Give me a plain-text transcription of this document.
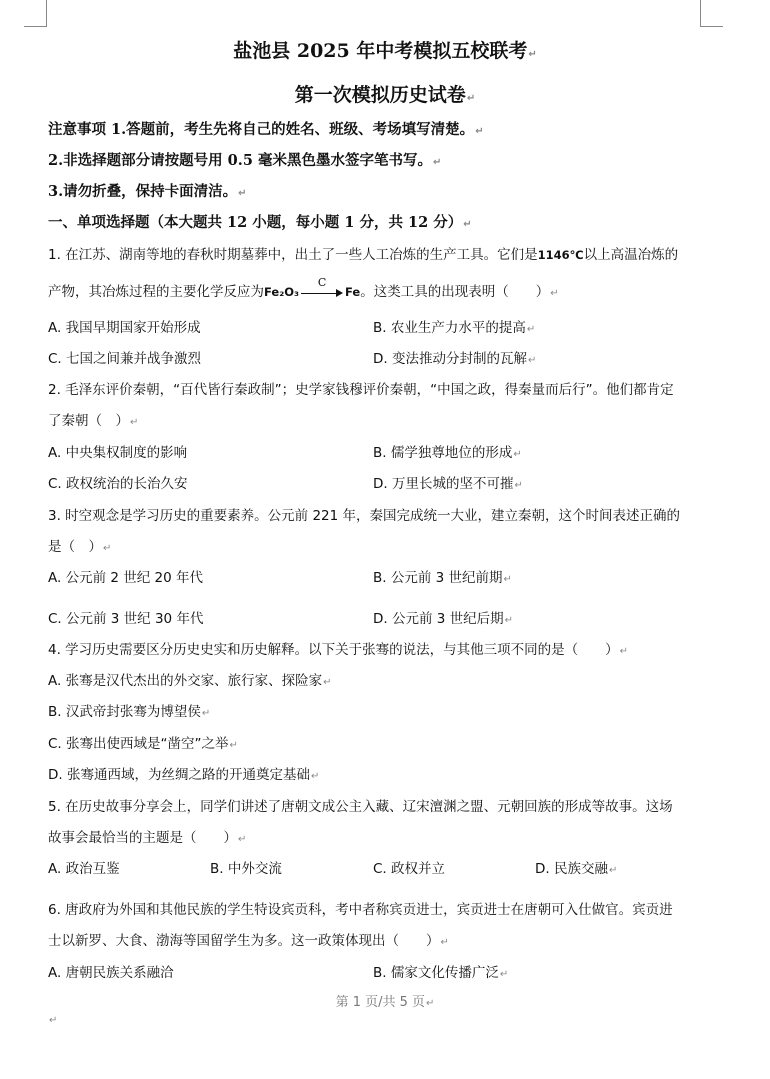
盐池县 2025 年中考模拟五校联考↵
第一次模拟历史试卷↵
注意事项 1.答题前，考生先将自己的姓名、班级、考场填写清楚。↵
2.非选择题部分请按题号用 0.5 毫米黑色墨水签字笔书写。↵
3.请勿折叠，保持卡面清洁。↵
一、单项选择题（本大题共 12 小题，每小题 1 分，共 12 分）↵
1. 在江苏、湖南等地的春秋时期墓葬中，出土了一些人工冶炼的生产工具。它们是1146℃以上高温冶炼的
产物，其冶炼过程的主要化学反应为Fe₂O₃
C
Fe。这类工具的出现表明（　　）↵
A. 我国早期国家开始形成	B. 农业生产力水平的提高↵
C. 七国之间兼并战争激烈	D. 变法推动分封制的瓦解↵
2. 毛泽东评价秦朝，“百代皆行秦政制”；史学家钱穆评价秦朝，“中国之政，得秦量而后行”。他们都肯定
了秦朝（　）↵
A. 中央集权制度的影响	B. 儒学独尊地位的形成↵
C. 政权统治的长治久安	D. 万里长城的坚不可摧↵
3. 时空观念是学习历史的重要素养。公元前 221 年，秦国完成统一大业，建立秦朝，这个时间表述正确的
是（　）↵
A. 公元前 2 世纪 20 年代	B. 公元前 3 世纪前期↵
C. 公元前 3 世纪 30 年代	D. 公元前 3 世纪后期↵
4. 学习历史需要区分历史史实和历史解释。以下关于张骞的说法，与其他三项不同的是（　　）↵
A. 张骞是汉代杰出的外交家、旅行家、探险家↵
B. 汉武帝封张骞为博望侯↵
C. 张骞出使西域是“凿空”之举↵
D. 张骞通西域，为丝绸之路的开通奠定基础↵
5. 在历史故事分享会上，同学们讲述了唐朝文成公主入藏、辽宋澶渊之盟、元朝回族的形成等故事。这场
故事会最恰当的主题是（　　）↵
A. 政治互鉴	B. 中外交流	C. 政权并立	D. 民族交融↵
6. 唐政府为外国和其他民族的学生特设宾贡科，考中者称宾贡进士，宾贡进士在唐朝可入仕做官。宾贡进
士以新罗、大食、渤海等国留学生为多。这一政策体现出（　　）↵
A. 唐朝民族关系融洽	B. 儒家文化传播广泛↵
第 1 页/共 5 页↵
↵
